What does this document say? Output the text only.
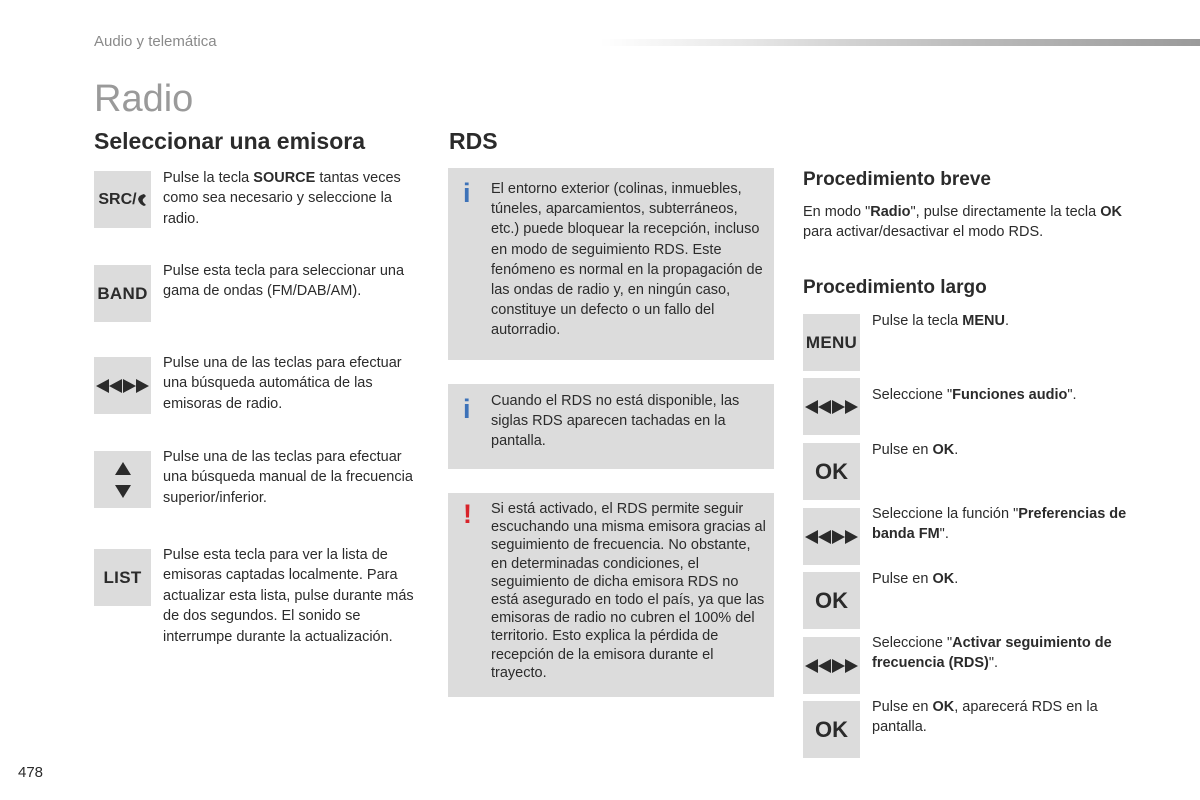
Audio y telemática
Radio
Seleccionar una emisora
SRC/
Pulse la tecla SOURCE tantas veces como sea necesario y seleccione la radio.
BAND
Pulse esta tecla para seleccionar una gama de ondas (FM/DAB/AM).
Pulse una de las teclas para efectuar una búsqueda automática de las emisoras de radio.
Pulse una de las teclas para efectuar una búsqueda manual de la frecuencia superior/inferior.
LIST
Pulse esta tecla para ver la lista de emisoras captadas localmente. Para actualizar esta lista, pulse durante más de dos segundos. El sonido se interrumpe durante la actualización.
RDS
i El entorno exterior (colinas, inmuebles, túneles, aparcamientos, subterráneos, etc.) puede bloquear la recepción, incluso en modo de seguimiento RDS. Este fenómeno es normal en la propagación de las ondas de radio y, en ningún caso, constituye un defecto o un fallo del autorradio.
i Cuando el RDS no está disponible, las siglas RDS aparecen tachadas en la pantalla.
! Si está activado, el RDS permite seguir escuchando una misma emisora gracias al seguimiento de frecuencia. No obstante, en determinadas condiciones, el seguimiento de dicha emisora RDS no está asegurado en todo el país, ya que las emisoras de radio no cubren el 100% del territorio. Esto explica la pérdida de recepción de la emisora durante el trayecto.
Procedimiento breve
En modo "Radio", pulse directamente la tecla OK para activar/desactivar el modo RDS.
Procedimiento largo
MENU
Pulse la tecla MENU.
Seleccione "Funciones audio".
OK
Pulse en OK.
Seleccione la función "Preferencias de banda FM".
OK
Pulse en OK.
Seleccione "Activar seguimiento de frecuencia (RDS)".
OK
Pulse en OK, aparecerá RDS en la pantalla.
478
